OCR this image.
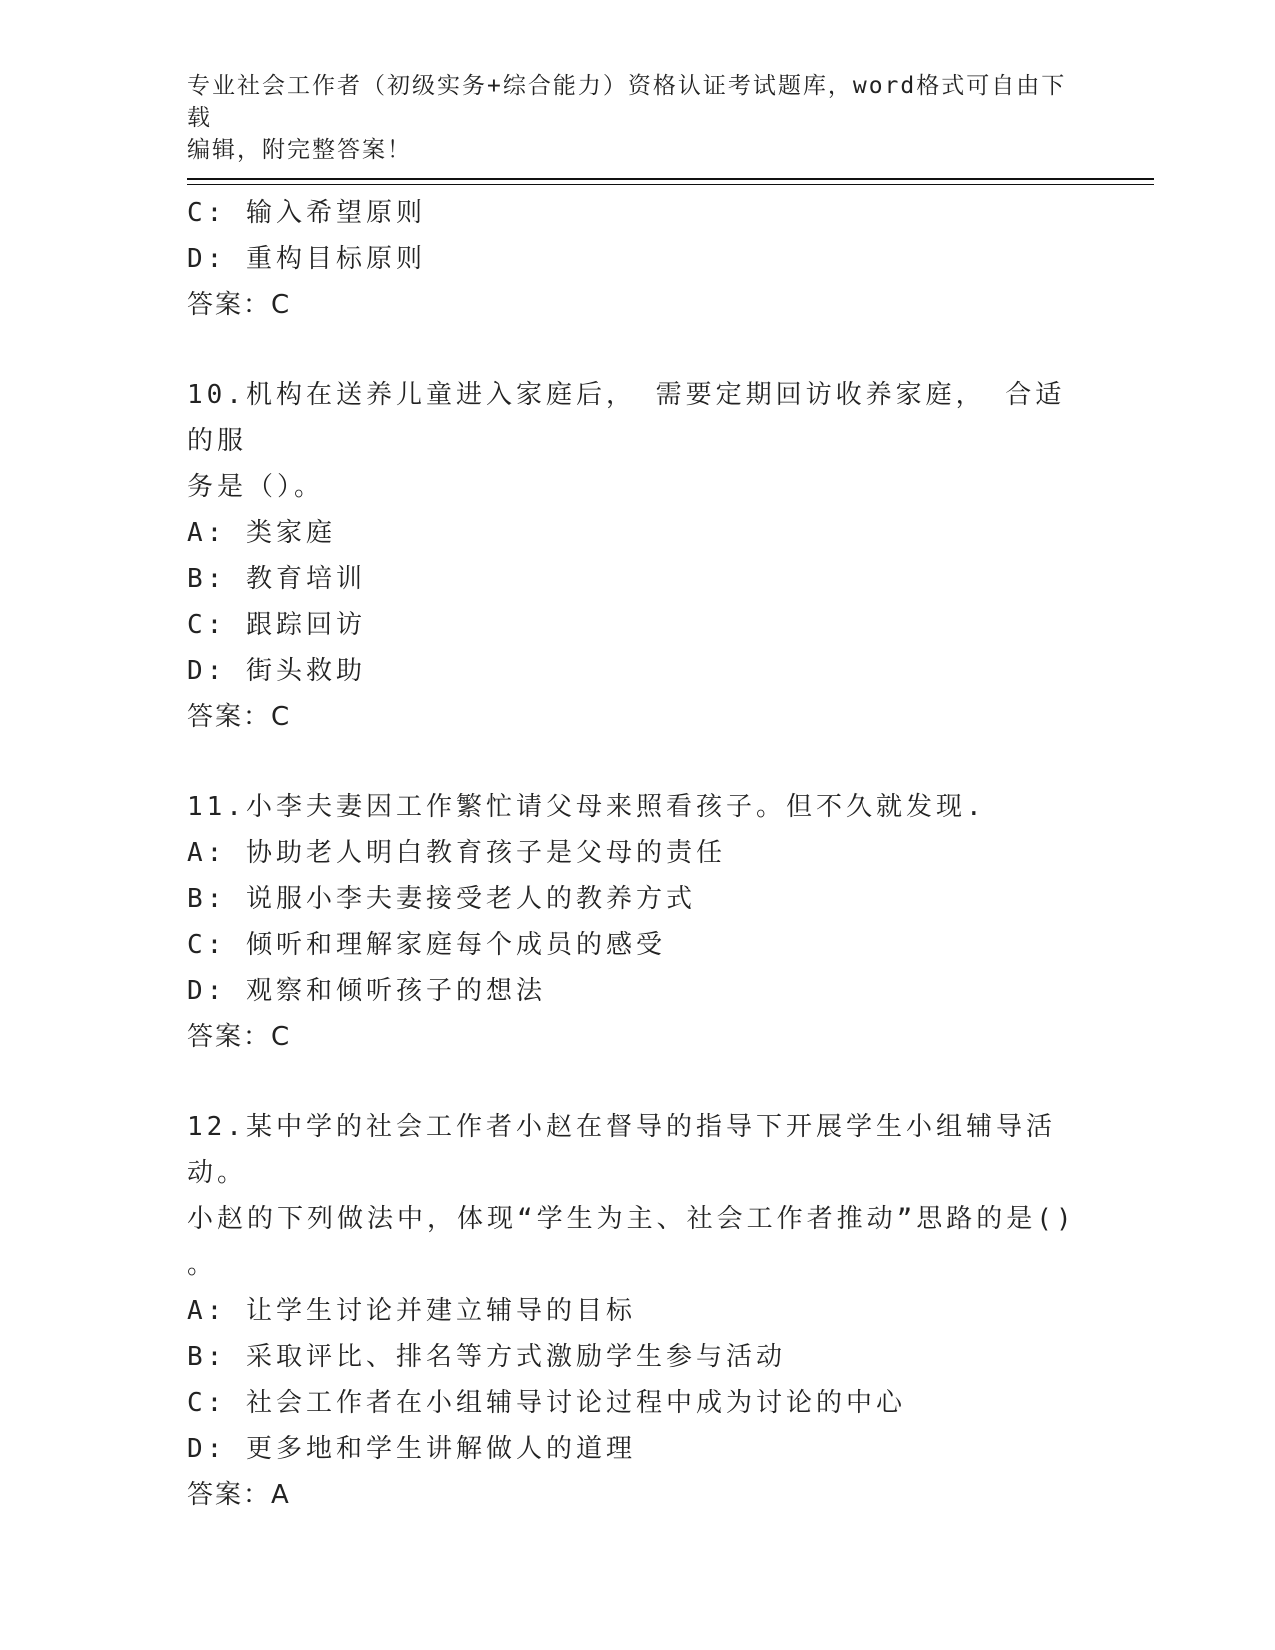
专业社会工作者（初级实务+综合能力）资格认证考试题库，word格式可自由下载
编辑，附完整答案！
C: 输入希望原则
D: 重构目标原则
答案：C
10.机构在送养儿童进入家庭后， 需要定期回访收养家庭， 合适的服
务是（）。
A: 类家庭
B: 教育培训
C: 跟踪回访
D: 街头救助
答案：C
11.小李夫妻因工作繁忙请父母来照看孩子。但不久就发现.
A: 协助老人明白教育孩子是父母的责任
B: 说服小李夫妻接受老人的教养方式
C: 倾听和理解家庭每个成员的感受
D: 观察和倾听孩子的想法
答案：C
12.某中学的社会工作者小赵在督导的指导下开展学生小组辅导活动。
小赵的下列做法中，体现“学生为主、社会工作者推动”思路的是()
。
A: 让学生讨论并建立辅导的目标
B: 采取评比、排名等方式激励学生参与活动
C: 社会工作者在小组辅导讨论过程中成为讨论的中心
D: 更多地和学生讲解做人的道理
答案：A
